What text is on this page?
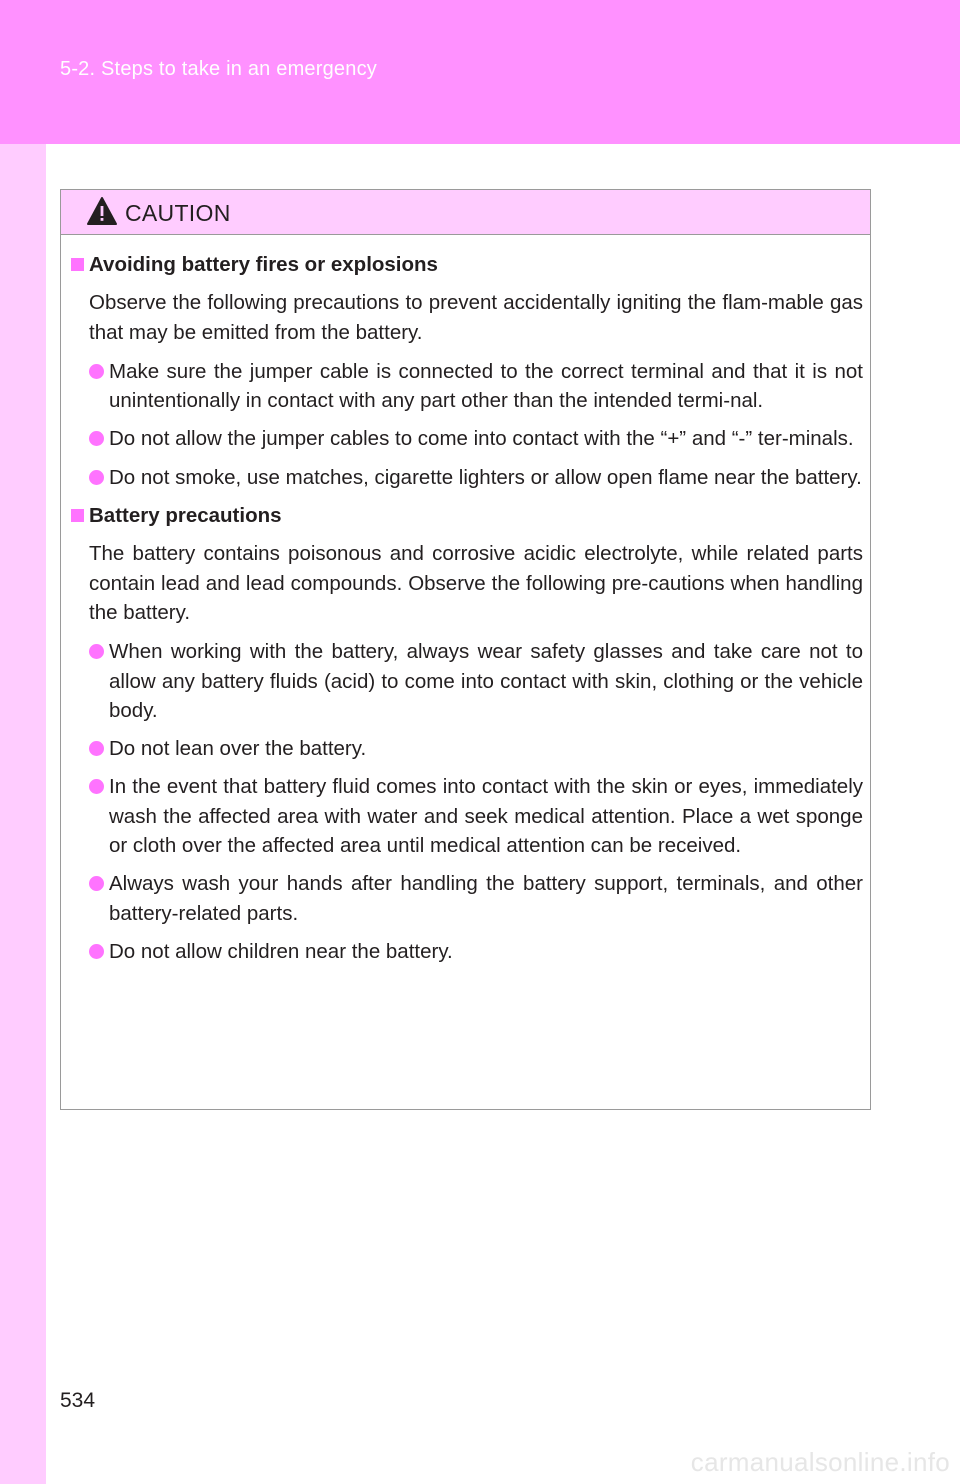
5-2. Steps to take in an emergency
CAUTION
Avoiding battery fires or explosions
Observe the following precautions to prevent accidentally igniting the flam-mable gas that may be emitted from the battery.
Make sure the jumper cable is connected to the correct terminal and that it is not unintentionally in contact with any part other than the intended termi-nal.
Do not allow the jumper cables to come into contact with the “+” and “-” ter-minals.
Do not smoke, use matches, cigarette lighters or allow open flame near the battery.
Battery precautions
The battery contains poisonous and corrosive acidic electrolyte, while related parts contain lead and lead compounds. Observe the following pre-cautions when handling the battery.
When working with the battery, always wear safety glasses and take care not to allow any battery fluids (acid) to come into contact with skin, clothing or the vehicle body.
Do not lean over the battery.
In the event that battery fluid comes into contact with the skin or eyes, immediately wash the affected area with water and seek medical attention. Place a wet sponge or cloth over the affected area until medical attention can be received.
Always wash your hands after handling the battery support, terminals, and other battery-related parts.
Do not allow children near the battery.
534
carmanualsonline.info
